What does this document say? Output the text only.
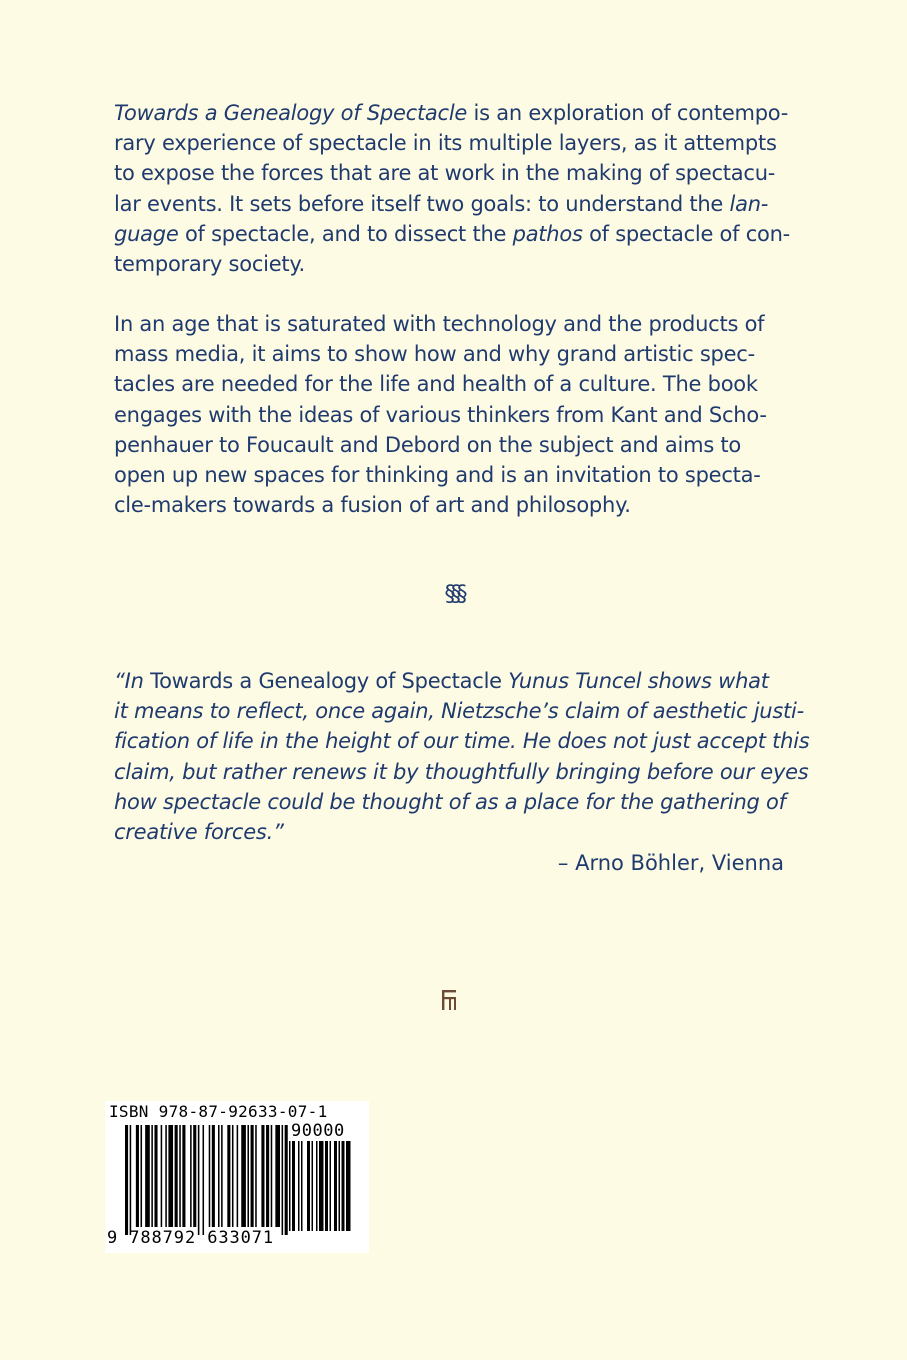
Towards a Genealogy of Spectacle is an exploration of contempo-
rary experience of spectacle in its multiple layers, as it attempts
to expose the forces that are at work in the making of spectacu-
lar events. It sets before itself two goals: to understand the lan-
guage of spectacle, and to dissect the pathos of spectacle of con-
temporary society.
In an age that is saturated with technology and the products of
mass media, it aims to show how and why grand artistic spec-
tacles are needed for the life and health of a culture. The book
engages with the ideas of various thinkers from Kant and Scho-
penhauer to Foucault and Debord on the subject and aims to
open up new spaces for thinking and is an invitation to specta-
cle-makers towards a fusion of art and philosophy.
§§§
“In Towards a Genealogy of Spectacle Yunus Tuncel shows what
it means to reflect, once again, Nietzsche’s claim of aesthetic justi-
fication of life in the height of our time. He does not just accept this
claim, but rather renews it by thoughtfully bringing before our eyes
how spectacle could be thought of as a place for the gathering of
creative forces.”
– Arno Böhler, Vienna
ISBN 978-87-92633-07-1
90000
9 788792 633071
